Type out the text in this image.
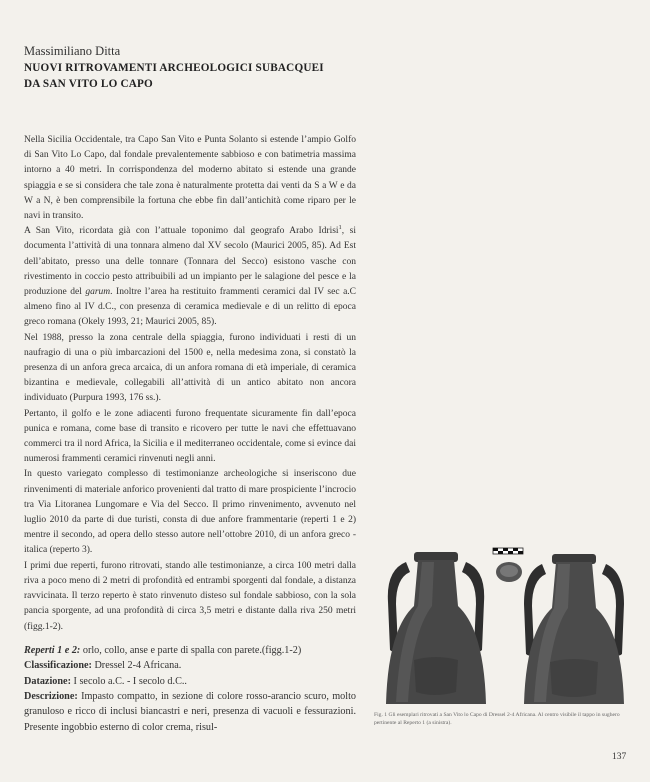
Massimiliano Ditta
NUOVI RITROVAMENTI ARCHEOLOGICI SUBACQUEI
DA SAN VITO LO CAPO

Nella Sicilia Occidentale, tra Capo San Vito e Punta Solanto si estende l’ampio Golfo di San Vito Lo Capo, dal fondale prevalentemente sabbioso e con batimetria massima intorno a 40 metri. In corrispondenza del moderno abitato si estende una grande spiaggia e se si considera che tale zona è naturalmente protetta dai venti da S a W e da W a N, è ben comprensibile la fortuna che ebbe fin dall’antichità come riparo per le navi in transito.

A San Vito, ricordata già con l’attuale toponimo dal geografo Arabo Idrisi$^1$, si documenta l’attività di una tonnara almeno dal XV secolo (Maurici 2005, 85). Ad Est dell’abitato, presso una delle tonnare (Tonnara del Secco) esistono vasche con rivestimento in coccio pesto attribuibili ad un impianto per le salagione del pesce e la produzione del garum. Inoltre l’area ha restituito frammenti ceramici dal IV sec a.C almeno fino al IV d.C., con presenza di ceramica medievale e di un relitto di epoca greco romana (Okely 1993, 21; Maurici 2005, 85).

Nel 1988, presso la zona centrale della spiaggia, furono individuati i resti di un naufragio di una o più imbarcazioni del 1500 e, nella medesima zona, si constatò la presenza di un anfora greca arcaica, di un anfora romana di età imperiale, di ceramica bizantina e medievale, collegabili all’attività di un antico abitato non ancora individuato (Purpura 1993, 176 ss.).

Pertanto, il golfo e le zone adiacenti furono frequentate sicuramente fin dall’epoca punica e romana, come base di transito e ricovero per tutte le navi che effettuavano commerci tra il nord Africa, la Sicilia e il mediterraneo occidentale, come si evince dai numerosi frammenti ceramici rinvenuti negli anni.

In questo variegato complesso di testimonianze archeologiche si inseriscono due rinvenimenti di materiale anforico provenienti dal tratto di mare prospiciente l’incrocio tra Via Litoranea Lungomare e Via del Secco. Il primo rinvenimento, avvenuto nel luglio 2010 da parte di due turisti, consta di due anfore frammentarie (reperti 1 e 2) mentre il secondo, ad opera dello stesso autore nell’ottobre 2010, di un anfora greco - italica (reperto 3).

I primi due reperti, furono ritrovati, stando alle testimonianze, a circa 100 metri dalla riva a poco meno di 2 metri di profondità ed entrambi sporgenti dal fondale, a distanza ravvicinata. Il terzo reperto è stato rinvenuto disteso sul fondale sabbioso, con la sola pancia sporgente, ad una profondità di circa 3,5 metri e distante dalla riva 250 metri (figg.1-2).

Reperti 1 e 2: orlo, collo, anse e parte di spalla con parete.(figg.1-2)
Classificazione: Dressel 2-4 Africana.
Datazione: I secolo a.C. - I secolo d.C..
Descrizione: Impasto compatto, in sezione di colore rosso-arancio scuro, molto granuloso e ricco di inclusi biancastri e neri, presenza di vacuoli e fessurazioni. Presente ingobbio esterno di color crema, risul-
Fig. 1 Gli esemplari ritrovati a San Vito lo Capo di Dressel 2-4 Africana. Al centro visibile il tappo in sughero pertinente al Reperto 1 (a sinistra).
137
